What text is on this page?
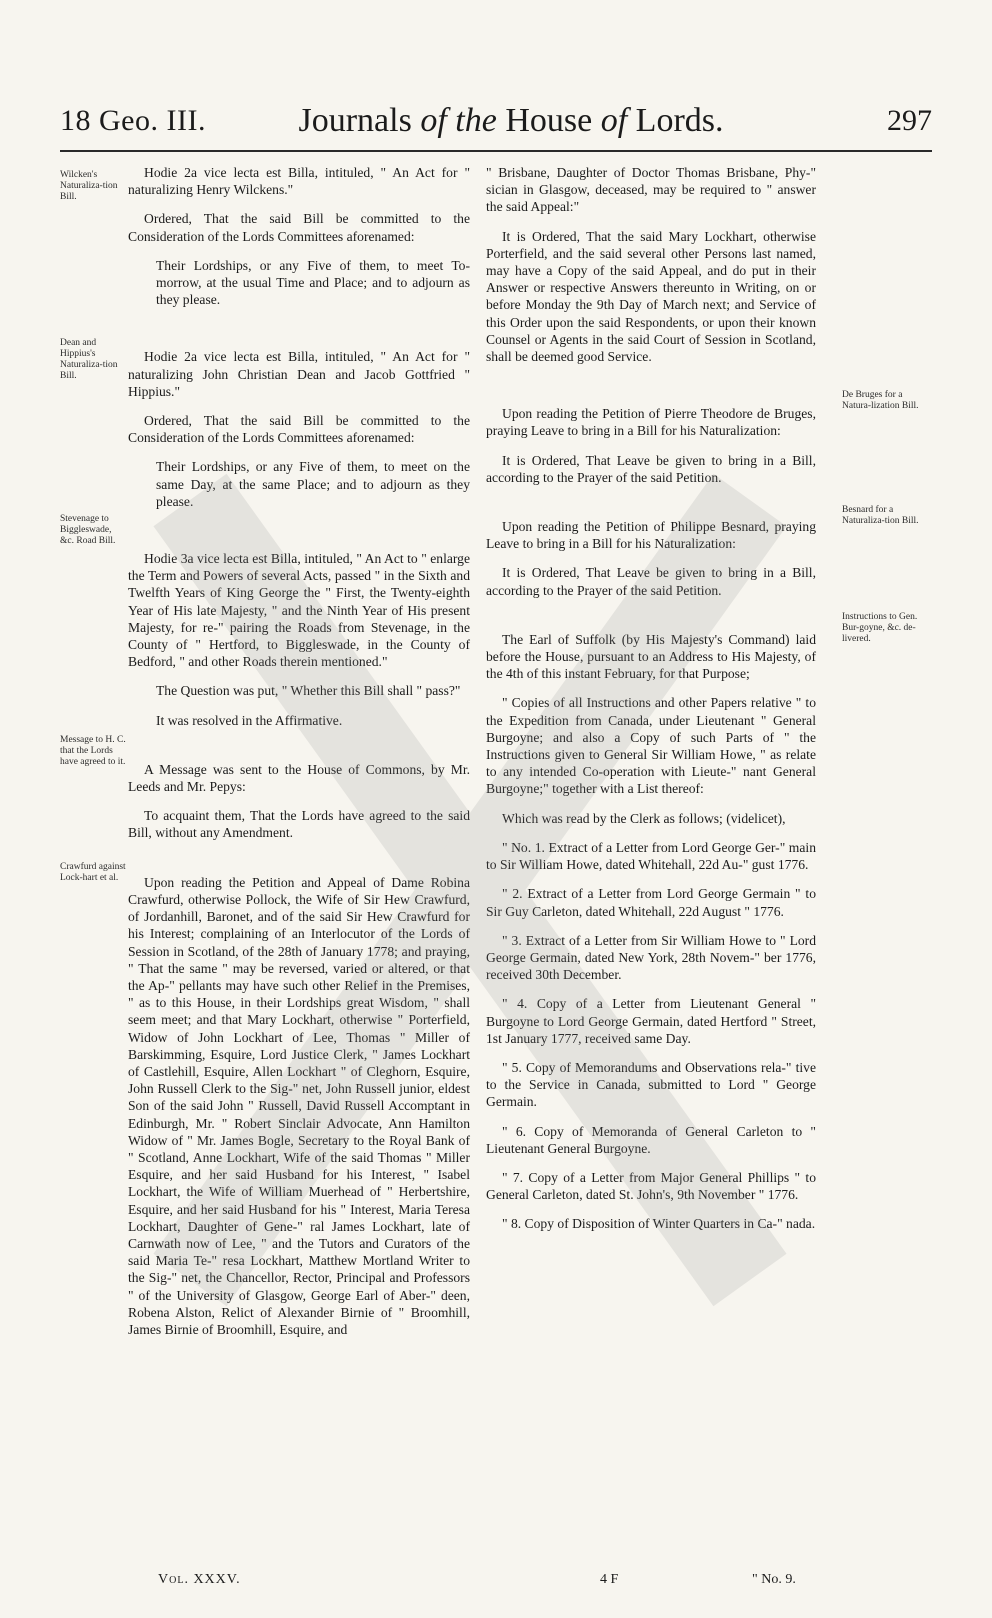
18 Geo. III.	Journals of the House of Lords.	297
Wilcken's Naturaliza-tion Bill.
Dean and Hippius's Naturaliza-tion Bill.
Stevenage to Biggleswade, &c. Road Bill.
Message to H. C. that the Lords have agreed to it.
Crawfurd against Lock-hart et al.
De Bruges for a Natura-lization Bill.
Besnard for a Naturaliza-tion Bill.
Instructions to Gen. Bur-goyne, &c. de-livered.

Hodie 2a vice lecta est Billa, intituled, " An Act for " naturalizing Henry Wilckens."

Ordered, That the said Bill be committed to the Consideration of the Lords Committees aforenamed:

Their Lordships, or any Five of them, to meet To-morrow, at the usual Time and Place; and to adjourn as they please.

Hodie 2a vice lecta est Billa, intituled, " An Act for " naturalizing John Christian Dean and Jacob Gottfried " Hippius."

Ordered, That the said Bill be committed to the Consideration of the Lords Committees aforenamed:

Their Lordships, or any Five of them, to meet on the same Day, at the same Place; and to adjourn as they please.

Hodie 3a vice lecta est Billa, intituled, " An Act to " enlarge the Term and Powers of several Acts, passed " in the Sixth and Twelfth Years of King George the " First, the Twenty-eighth Year of His late Majesty, " and the Ninth Year of His present Majesty, for re-" pairing the Roads from Stevenage, in the County of " Hertford, to Biggleswade, in the County of Bedford, " and other Roads therein mentioned."

The Question was put, " Whether this Bill shall " pass?"

It was resolved in the Affirmative.

A Message was sent to the House of Commons, by Mr. Leeds and Mr. Pepys:

To acquaint them, That the Lords have agreed to the said Bill, without any Amendment.

Upon reading the Petition and Appeal of Dame Robina Crawfurd, otherwise Pollock, the Wife of Sir Hew Crawfurd, of Jordanhill, Baronet, and of the said Sir Hew Crawfurd for his Interest; complaining of an Interlocutor of the Lords of Session in Scotland, of the 28th of January 1778; and praying, " That the same " may be reversed, varied or altered, or that the Ap-" pellants may have such other Relief in the Premises, " as to this House, in their Lordships great Wisdom, " shall seem meet; and that Mary Lockhart, otherwise " Porterfield, Widow of John Lockhart of Lee, Thomas " Miller of Barskimming, Esquire, Lord Justice Clerk, " James Lockhart of Castlehill, Esquire, Allen Lockhart " of Cleghorn, Esquire, John Russell Clerk to the Sig-" net, John Russell junior, eldest Son of the said John " Russell, David Russell Accomptant in Edinburgh, Mr. " Robert Sinclair Advocate, Ann Hamilton Widow of " Mr. James Bogle, Secretary to the Royal Bank of " Scotland, Anne Lockhart, Wife of the said Thomas " Miller Esquire, and her said Husband for his Interest, " Isabel Lockhart, the Wife of William Muerhead of " Herbertshire, Esquire, and her said Husband for his " Interest, Maria Teresa Lockhart, Daughter of Gene-" ral James Lockhart, late of Carnwath now of Lee, " and the Tutors and Curators of the said Maria Te-" resa Lockhart, Matthew Mortland Writer to the Sig-" net, the Chancellor, Rector, Principal and Professors " of the University of Glasgow, George Earl of Aber-" deen, Robena Alston, Relict of Alexander Birnie of " Broomhill, James Birnie of Broomhill, Esquire, and

" Brisbane, Daughter of Doctor Thomas Brisbane, Phy-" sician in Glasgow, deceased, may be required to " answer the said Appeal:"

It is Ordered, That the said Mary Lockhart, otherwise Porterfield, and the said several other Persons last named, may have a Copy of the said Appeal, and do put in their Answer or respective Answers thereunto in Writing, on or before Monday the 9th Day of March next; and Service of this Order upon the said Respondents, or upon their known Counsel or Agents in the said Court of Session in Scotland, shall be deemed good Service.

Upon reading the Petition of Pierre Theodore de Bruges, praying Leave to bring in a Bill for his Naturalization:

It is Ordered, That Leave be given to bring in a Bill, according to the Prayer of the said Petition.

Upon reading the Petition of Philippe Besnard, praying Leave to bring in a Bill for his Naturalization:

It is Ordered, That Leave be given to bring in a Bill, according to the Prayer of the said Petition.

The Earl of Suffolk (by His Majesty's Command) laid before the House, pursuant to an Address to His Majesty, of the 4th of this instant February, for that Purpose;

" Copies of all Instructions and other Papers relative " to the Expedition from Canada, under Lieutenant " General Burgoyne; and also a Copy of such Parts of " the Instructions given to General Sir William Howe, " as relate to any intended Co-operation with Lieute-" nant General Burgoyne;" together with a List thereof:

Which was read by the Clerk as follows; (videlicet),

" No. 1. Extract of a Letter from Lord George Ger-" main to Sir William Howe, dated Whitehall, 22d Au-" gust 1776.

" 2. Extract of a Letter from Lord George Germain " to Sir Guy Carleton, dated Whitehall, 22d August " 1776.

" 3. Extract of a Letter from Sir William Howe to " Lord George Germain, dated New York, 28th Novem-" ber 1776, received 30th December.

" 4. Copy of a Letter from Lieutenant General " Burgoyne to Lord George Germain, dated Hertford " Street, 1st January 1777, received same Day.

" 5. Copy of Memorandums and Observations rela-" tive to the Service in Canada, submitted to Lord " George Germain.

" 6. Copy of Memoranda of General Carleton to " Lieutenant General Burgoyne.

" 7. Copy of a Letter from Major General Phillips " to General Carleton, dated St. John's, 9th November " 1776.

" 8. Copy of Disposition of Winter Quarters in Ca-" nada.

Vol. XXXV.	4 F	" No. 9.
